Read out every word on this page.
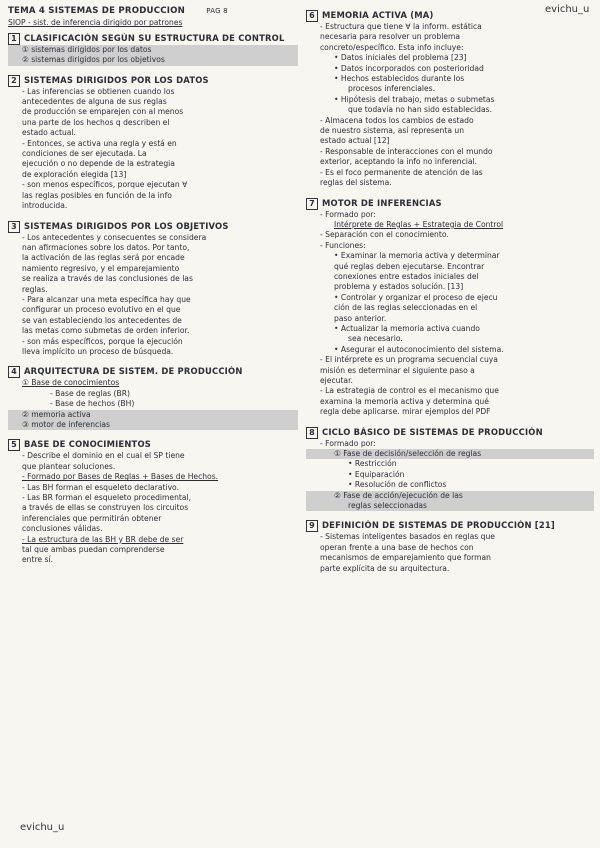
evichu_u
evichu_u
TEMA 4 SISTEMAS DE PRODUCCIÓN	PAG 8
SIOP - sist. de inferencia dirigido por patrones
1 CLASIFICACIÓN SEGÚN SU ESTRUCTURA DE CONTROL
① sistemas dirigidos por los datos
② sistemas dirigidos por los objetivos
2 SISTEMAS DIRIGIDOS POR LOS DATOS
- Las inferencias se obtienen cuando los
antecedentes de alguna de sus reglas
de producción se emparejen con al menos
una parte de los hechos q describen el
estado actual.
- Entonces, se activa una regla y está en
condiciones de ser ejecutada. La
ejecución o no depende de la estrategia
de exploración elegida [13]
- son menos específicos, porque ejecutan ∀
las reglas posibles en función de la info
introducida.
3 SISTEMAS DIRIGIDOS POR LOS OBJETIVOS
- Los antecedentes y consecuentes se considera
nan afirmaciones sobre los datos. Por tanto,
la activación de las reglas será por encade
namiento regresivo, y el emparejamiento
se realiza a través de las conclusiones de las
reglas.
- Para alcanzar una meta específica hay que
configurar un proceso evolutivo en el que
se van estableciendo los antecedentes de
las metas como submetas de orden inferior.
- son más específicos, porque la ejecución
lleva implícito un proceso de búsqueda.
4 ARQUITECTURA DE SISTEM. DE PRODUCCIÓN
① Base de conocimientos
- Base de reglas (BR)
- Base de hechos (BH)
② memoria activa
③ motor de inferencias
5 BASE DE CONOCIMIENTOS
- Describe el dominio en el cual el SP tiene
que plantear soluciones.
- Formado por Bases de Reglas + Bases de Hechos.
- Las BH forman el esqueleto declarativo.
- Las BR forman el esqueleto procedimental,
a través de ellas se construyen los circuitos
inferenciales que permitirán obtener
conclusiones válidas.
- La estructura de las BH y BR debe de ser
tal que ambas puedan comprenderse
entre sí.
6 MEMORIA ACTIVA (MA)
- Estructura que tiene ∀ la inform. estática
necesaria para resolver un problema
concreto/específico. Esta info incluye:
• Datos iniciales del problema [23]
• Datos incorporados con posterioridad
• Hechos establecidos durante los
procesos inferenciales.
• Hipótesis del trabajo, metas o submetas
que todavía no han sido establecidas.
- Almacena todos los cambios de estado
de nuestro sistema, así representa un
estado actual [12]
- Responsable de interacciones con el mundo
exterior, aceptando la info no inferencial.
- Es el foco permanente de atención de las
reglas del sistema.
7 MOTOR DE INFERENCIAS
- Formado por:
Intérprete de Reglas + Estrategia de Control
- Separación con el conocimiento.
- Funciones:
• Examinar la memoria activa y determinar
qué reglas deben ejecutarse. Encontrar
conexiones entre estados iniciales del
problema y estados solución. [13]
• Controlar y organizar el proceso de ejecu
ción de las reglas seleccionadas en el
paso anterior.
• Actualizar la memoria activa cuando
sea necesario.
• Asegurar el autoconocimiento del sistema.
- El intérprete es un programa secuencial cuya
misión es determinar el siguiente paso a
ejecutar.
- La estrategia de control es el mecanismo que
examina la memoria activa y determina qué
regla debe aplicarse. mirar ejemplos del PDF
8 CICLO BÁSICO DE SISTEMAS DE PRODUCCIÓN
- Formado por:
① Fase de decisión/selección de reglas
• Restricción
• Equiparación
• Resolución de conflictos
② Fase de acción/ejecución de las
reglas seleccionadas
9 DEFINICIÓN DE SISTEMAS DE PRODUCCIÓN [21]
- Sistemas inteligentes basados en reglas que
operan frente a una base de hechos con
mecanismos de emparejamiento que forman
parte explícita de su arquitectura.
